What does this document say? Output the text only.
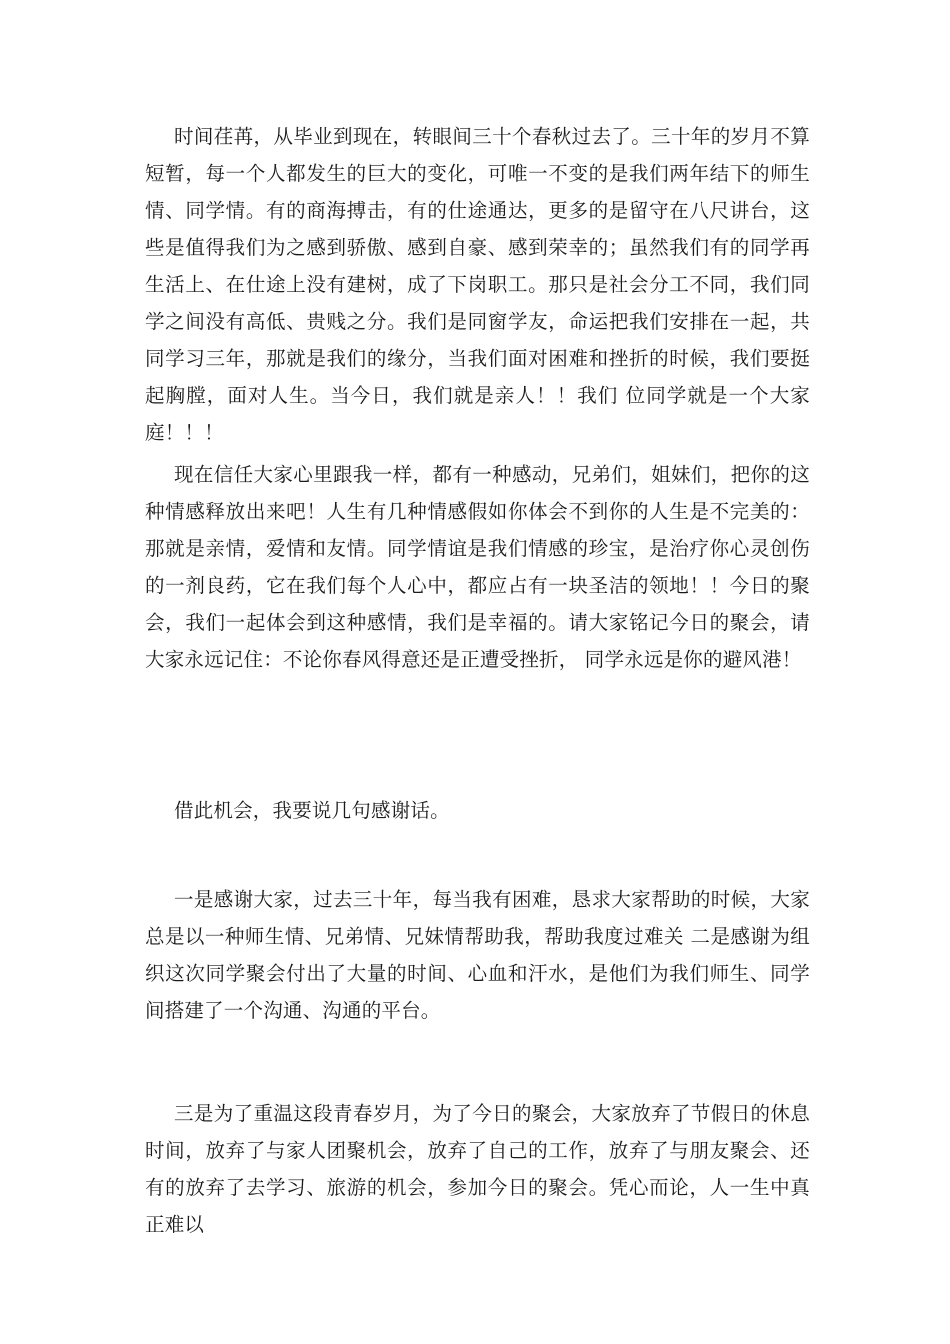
时间荏苒，从毕业到现在，转眼间三十个春秋过去了。三十年的岁月不算短暂，每一个人都发生的巨大的变化，可唯一不变的是我们两年结下的师生情、同学情。有的商海搏击，有的仕途通达，更多的是留守在八尺讲台，这些是值得我们为之感到骄傲、感到自豪、感到荣幸的；虽然我们有的同学再生活上、在仕途上没有建树，成了下岗职工。那只是社会分工不同，我们同学之间没有高低、贵贱之分。我们是同窗学友，命运把我们安排在一起，共同学习三年，那就是我们的缘分，当我们面对困难和挫折的时候，我们要挺起胸膛，面对人生。当今日，我们就是亲人！！我们 位同学就是一个大家庭！！！

现在信任大家心里跟我一样，都有一种感动，兄弟们，姐妹们，把你的这种情感释放出来吧！人生有几种情感假如你体会不到你的人生是不完美的：那就是亲情，爱情和友情。同学情谊是我们情感的珍宝，是治疗你心灵创伤的一剂良药，它在我们每个人心中，都应占有一块圣洁的领地！！今日的聚会，我们一起体会到这种感情，我们是幸福的。请大家铭记今日的聚会，请大家永远记住：不论你春风得意还是正遭受挫折， 同学永远是你的避风港！

借此机会，我要说几句感谢话。

一是感谢大家，过去三十年，每当我有困难，恳求大家帮助的时候，大家总是以一种师生情、兄弟情、兄妹情帮助我，帮助我度过难关 二是感谢为组织这次同学聚会付出了大量的时间、心血和汗水，是他们为我们师生、同学间搭建了一个沟通、沟通的平台。

三是为了重温这段青春岁月，为了今日的聚会，大家放弃了节假日的休息时间，放弃了与家人团聚机会，放弃了自己的工作，放弃了与朋友聚会、还有的放弃了去学习、旅游的机会，参加今日的聚会。凭心而论，人一生中真正难以
